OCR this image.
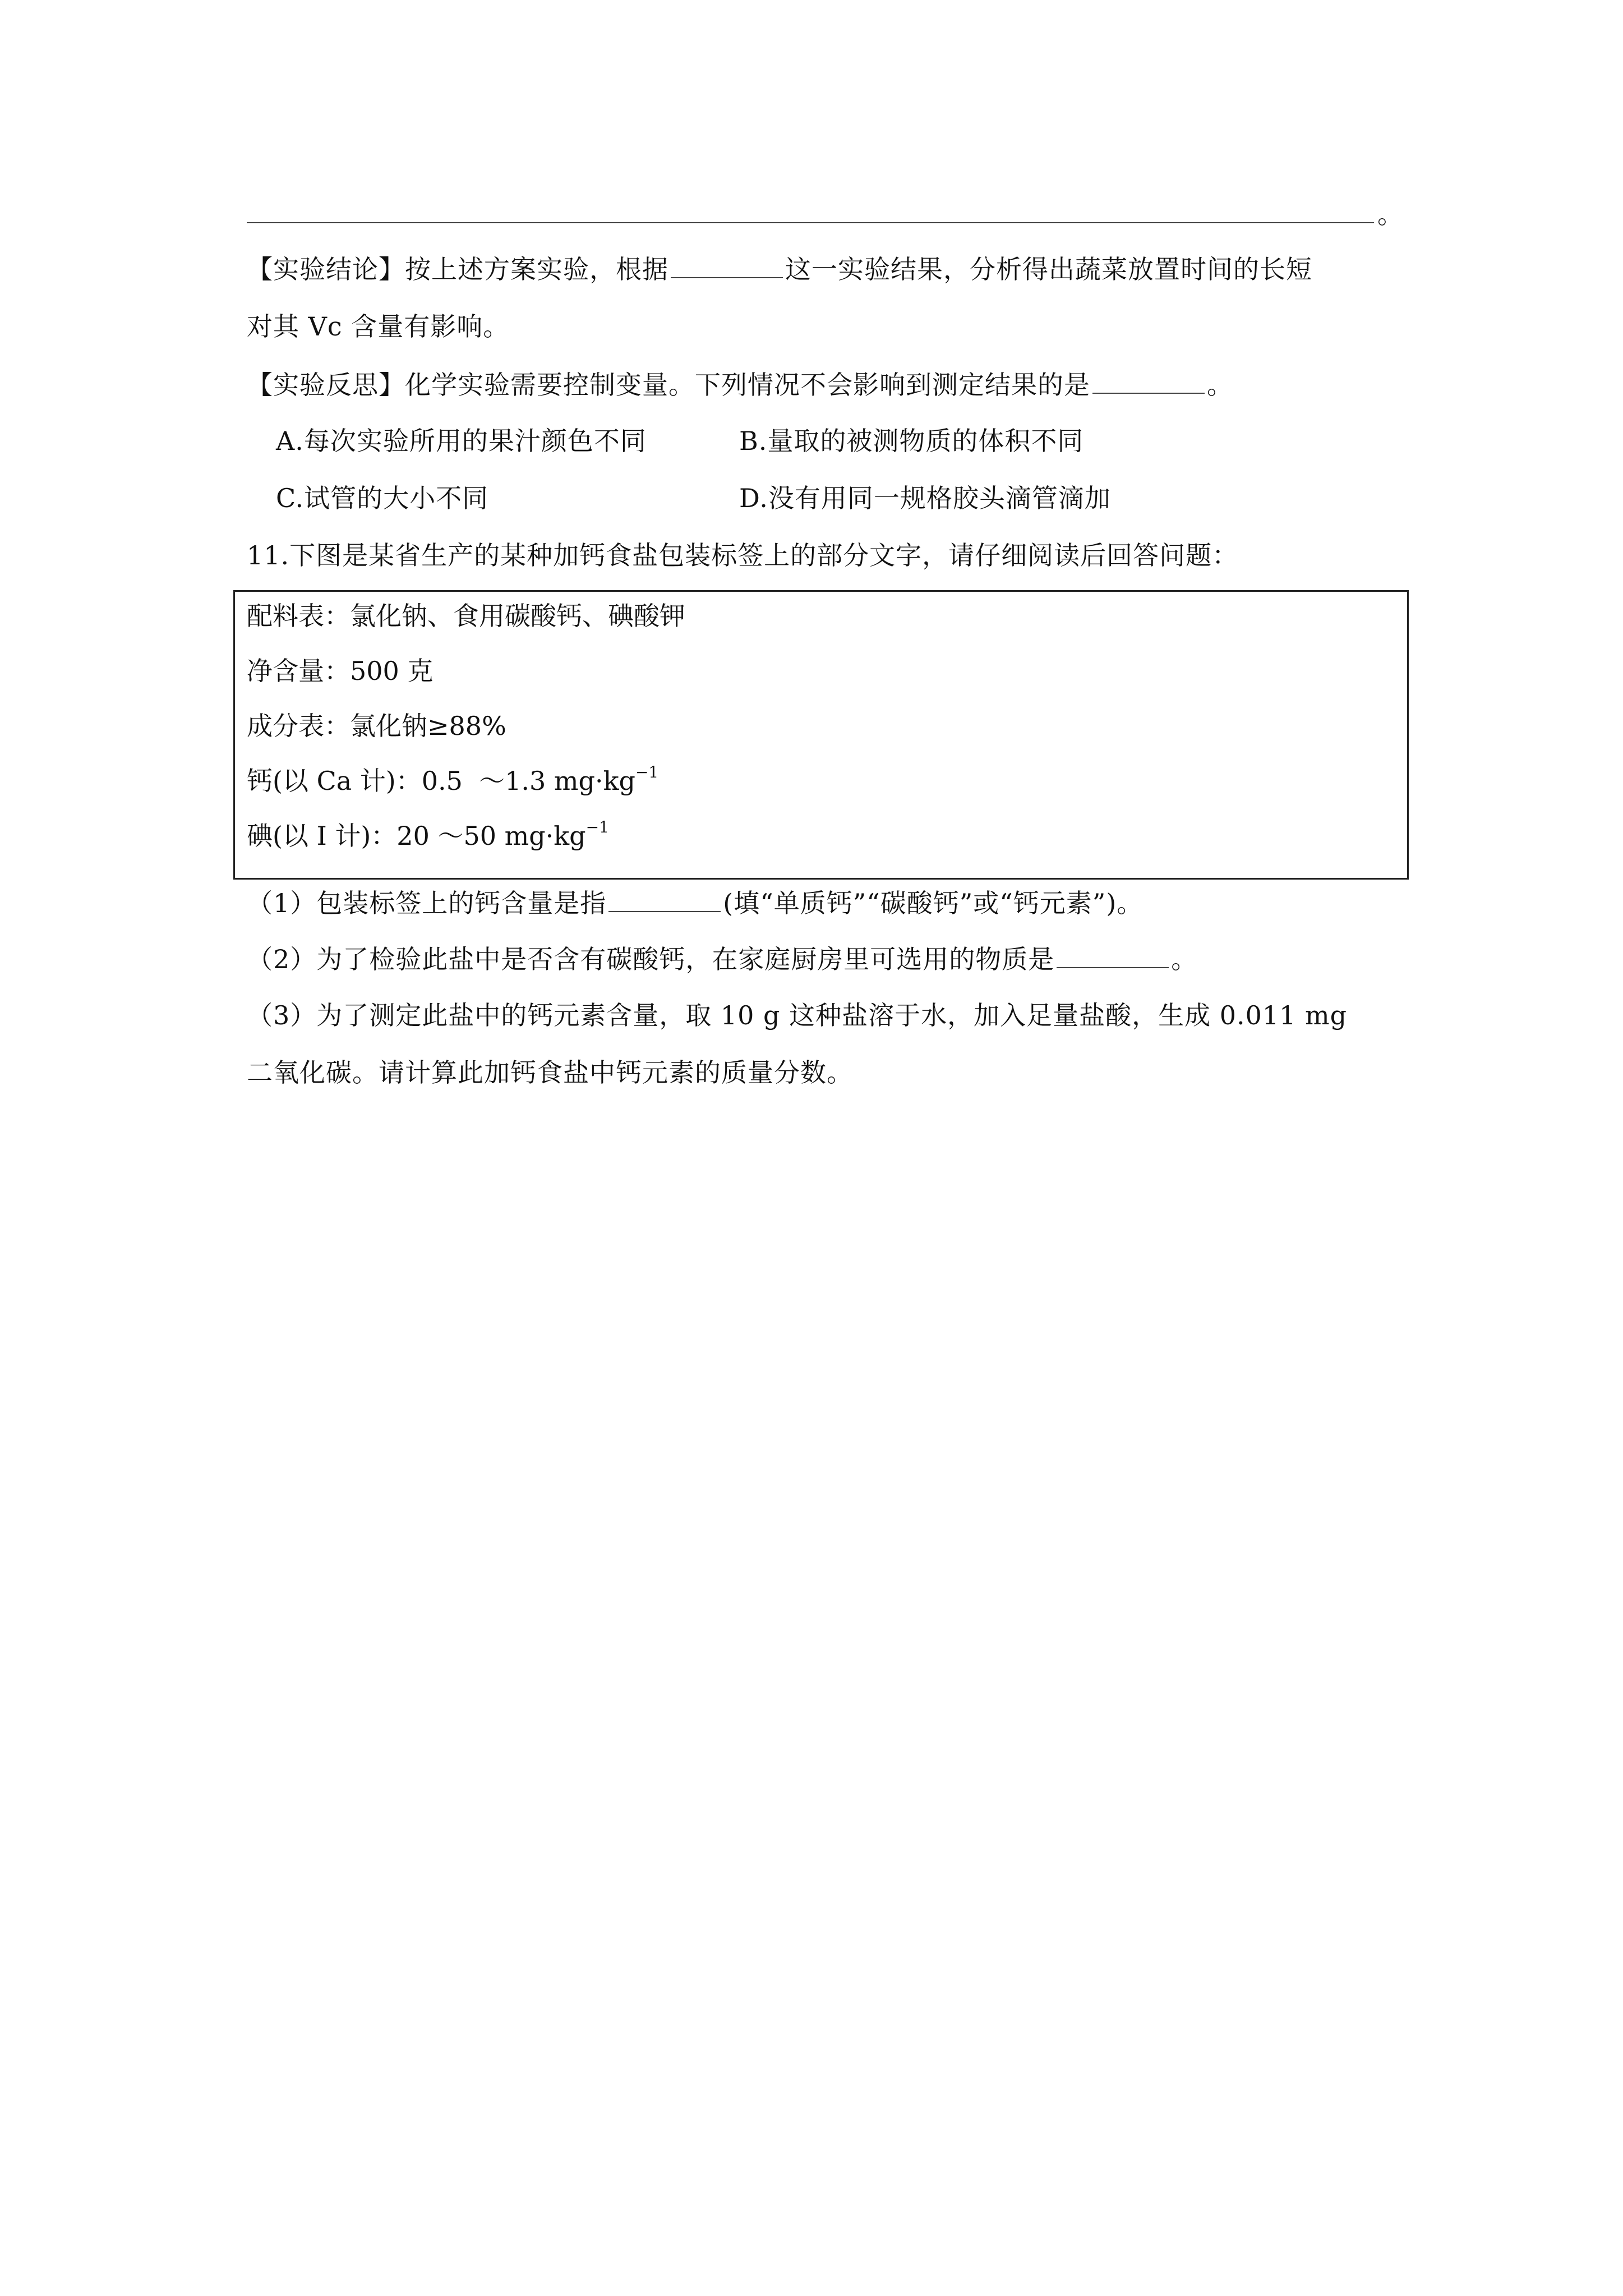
。
【实验结论】按上述方案实验，根据	这一实验结果，分析得出蔬菜放置时间的长短
对其 Vc 含量有影响。
【实验反思】化学实验需要控制变量。下列情况不会影响到测定结果的是	。
A.每次实验所用的果汁颜色不同	B.量取的被测物质的体积不同
C.试管的大小不同	D.没有用同一规格胶头滴管滴加
11.下图是某省生产的某种加钙食盐包装标签上的部分文字，请仔细阅读后回答问题：
配料表：氯化钠、食用碳酸钙、碘酸钾
净含量：500 克
成分表：氯化钠≥88%
钙(以 Ca 计)：0.5  ～1.3 $mg\cdot kg^{-1}$
碘(以 I 计)：20 ～50 $mg\cdot kg^{-1}$
（1）包装标签上的钙含量是指	(填“单质钙”“碳酸钙”或“钙元素”)。
（2）为了检验此盐中是否含有碳酸钙，在家庭厨房里可选用的物质是	。
（3）为了测定此盐中的钙元素含量，取 10 g 这种盐溶于水，加入足量盐酸，生成 0.011 mg
二氧化碳。请计算此加钙食盐中钙元素的质量分数。
